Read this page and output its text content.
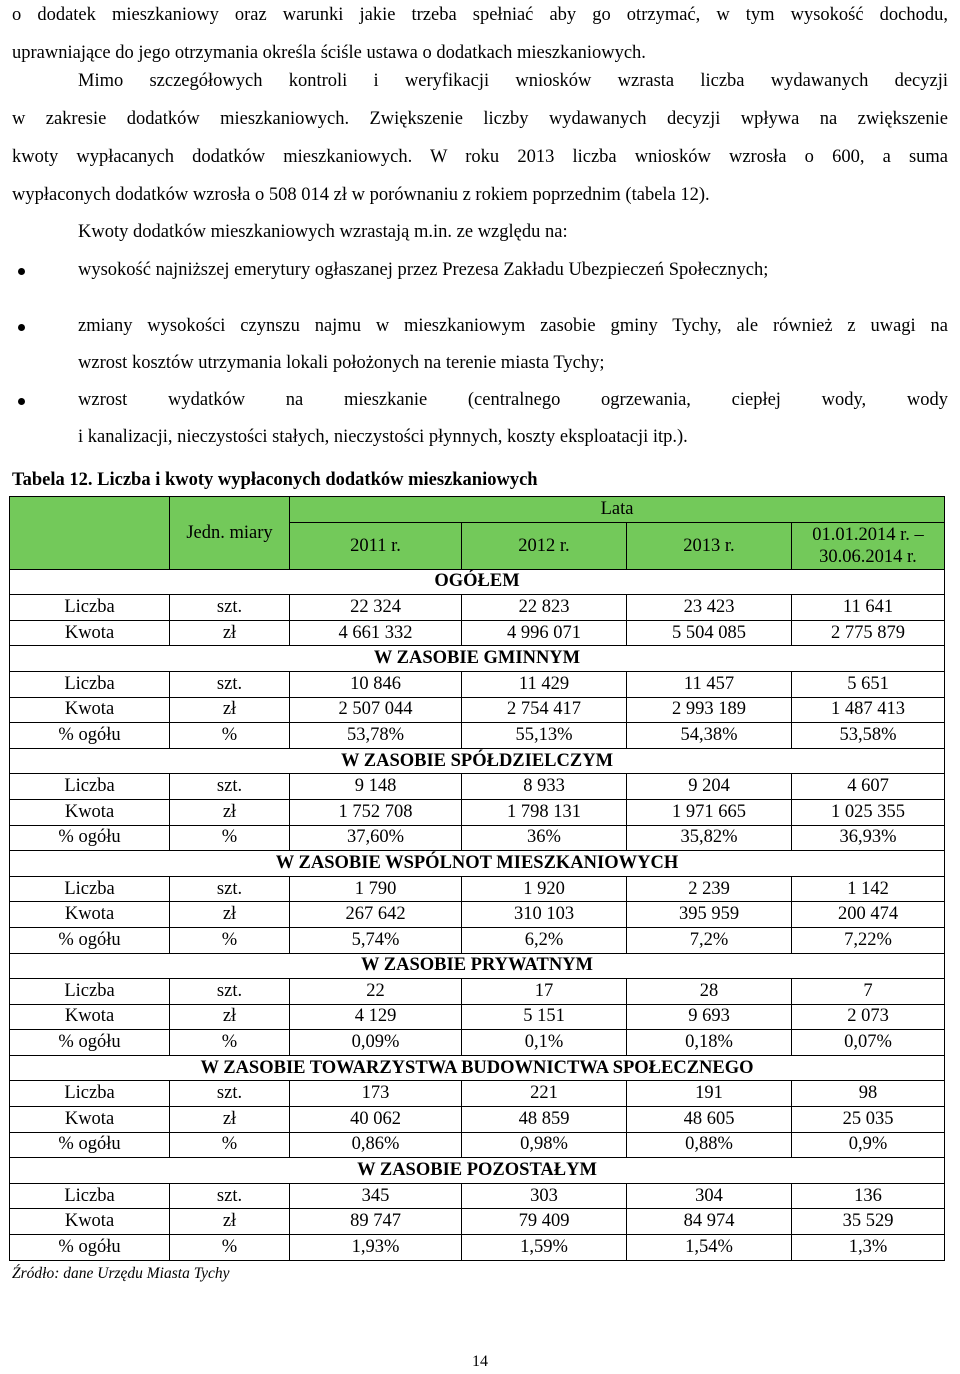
o dodatek mieszkaniowy oraz warunki jakie trzeba spełniać aby go otrzymać, w tym wysokość dochodu,
uprawniające do jego otrzymania określa ściśle ustawa o dodatkach mieszkaniowych.
Mimo szczegółowych kontroli i weryfikacji wniosków wzrasta liczba wydawanych decyzji
w zakresie dodatków mieszkaniowych. Zwiększenie liczby wydawanych decyzji wpływa na zwiększenie
kwoty wypłacanych dodatków mieszkaniowych. W roku 2013 liczba wniosków wzrosła o 600, a suma
wypłaconych dodatków wzrosła o 508 014 zł w porównaniu z rokiem poprzednim (tabela 12).
Kwoty dodatków mieszkaniowych wzrastają m.in. ze względu na:
wysokość najniższej emerytury ogłaszanej przez Prezesa Zakładu Ubezpieczeń Społecznych;
zmiany wysokości czynszu najmu w mieszkaniowym zasobie gminy Tychy, ale również z uwagi na
wzrost kosztów utrzymania lokali położonych na terenie miasta Tychy;
wzrost wydatków na mieszkanie (centralnego ogrzewania, ciepłej wody, wody
i kanalizacji, nieczystości stałych, nieczystości płynnych, koszty eksploatacji itp.).
Tabela 12. Liczba i kwoty wypłaconych dodatków mieszkaniowych
	Jedn. miary	Lata			
		2011 r.	2012 r.	2013 r.	01.01.2014 r. – 30.06.2014 r.
OGÓŁEM					
Liczba	szt.	22 324	22 823	23 423	11 641
Kwota	zł	4 661 332	4 996 071	5 504 085	2 775 879
W ZASOBIE GMINNYM					
Liczba	szt.	10 846	11 429	11 457	5 651
Kwota	zł	2 507 044	2 754 417	2 993 189	1 487 413
% ogółu	%	53,78%	55,13%	54,38%	53,58%
W ZASOBIE SPÓŁDZIELCZYM					
Liczba	szt.	9 148	8 933	9 204	4 607
Kwota	zł	1 752 708	1 798 131	1 971 665	1 025 355
% ogółu	%	37,60%	36%	35,82%	36,93%
W ZASOBIE WSPÓLNOT MIESZKANIOWYCH					
Liczba	szt.	1 790	1 920	2 239	1 142
Kwota	zł	267 642	310 103	395 959	200 474
% ogółu	%	5,74%	6,2%	7,2%	7,22%
W ZASOBIE PRYWATNYM					
Liczba	szt.	22	17	28	7
Kwota	zł	4 129	5 151	9 693	2 073
% ogółu	%	0,09%	0,1%	0,18%	0,07%
W ZASOBIE TOWARZYSTWA BUDOWNICTWA SPOŁECZNEGO					
Liczba	szt.	173	221	191	98
Kwota	zł	40 062	48 859	48 605	25 035
% ogółu	%	0,86%	0,98%	0,88%	0,9%
W ZASOBIE POZOSTAŁYM					
Liczba	szt.	345	303	304	136
Kwota	zł	89 747	79 409	84 974	35 529
% ogółu	%	1,93%	1,59%	1,54%	1,3%
Źródło: dane Urzędu Miasta Tychy
14
